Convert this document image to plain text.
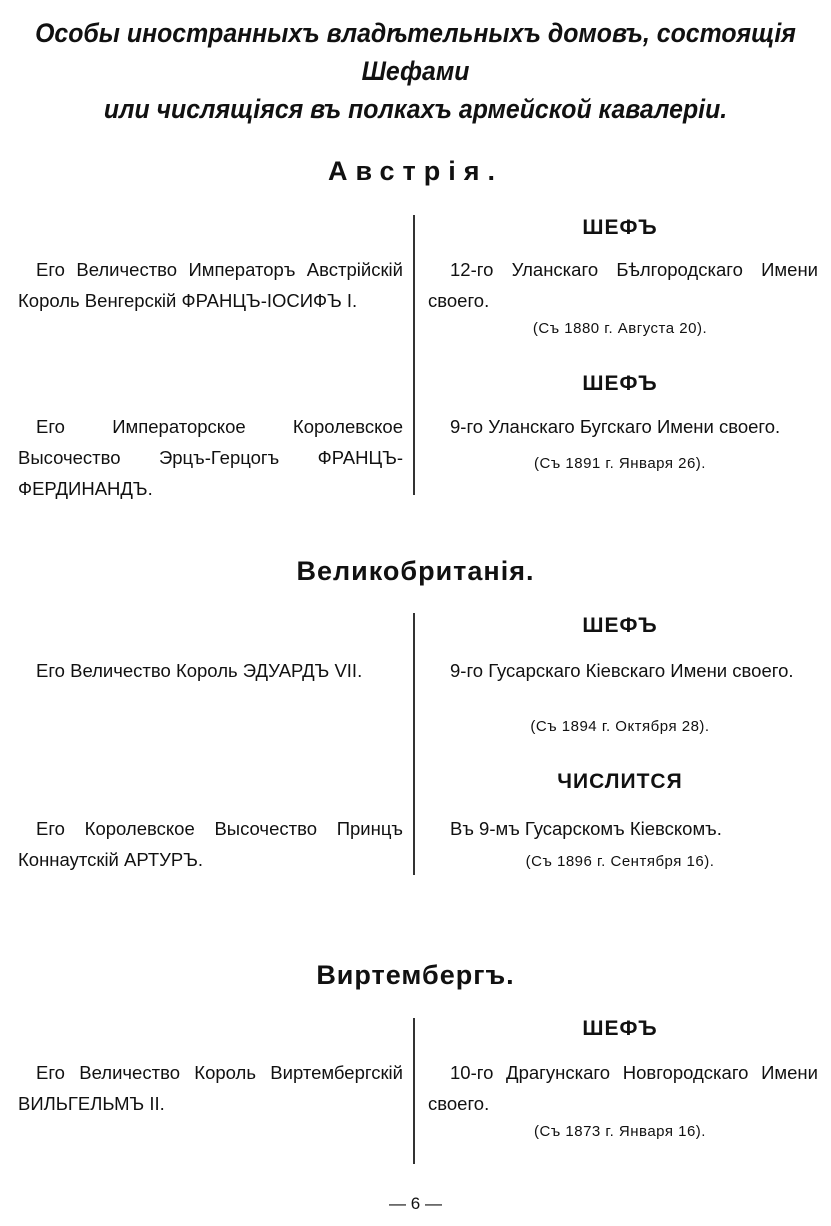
Особы иностранныхъ владѣтельныхъ домовъ, состоящія Шефами
или числящіяся въ полкахъ армейской кавалеріи.
Австрія.
ШЕФЪ
Его Величество Императоръ Австрійскій Король Венгерскій ФРАНЦЪ-ІОСИФЪ I.
12-го Уланскаго Бѣлгородскаго Имени своего.
(Съ 1880 г. Августа 20).
ШЕФЪ
Его Императорское Королевское Высочество Эрцъ-Герцогъ ФРАНЦЪ-ФЕРДИНАНДЪ.
9-го Уланскаго Бугскаго Имени своего.
(Съ 1891 г. Января 26).
Великобританія.
ШЕФЪ
Его Величество Король ЭДУАРДЪ VII.	9-го Гусарскаго Кіевскаго Имени своего.
(Съ 1894 г. Октября 28).
ЧИСЛИТСЯ
Его Королевское Высочество Принцъ Коннаутскій АРТУРЪ.
Въ 9-мъ Гусарскомъ Кіевскомъ.
(Съ 1896 г. Сентября 16).
Виртембергъ.
ШЕФЪ
Его Величество Король Виртембергскій ВИЛЬГЕЛЬМЪ II.
10-го Драгунскаго Новгородскаго Имени своего.
(Съ 1873 г. Января 16).
— 6 —
